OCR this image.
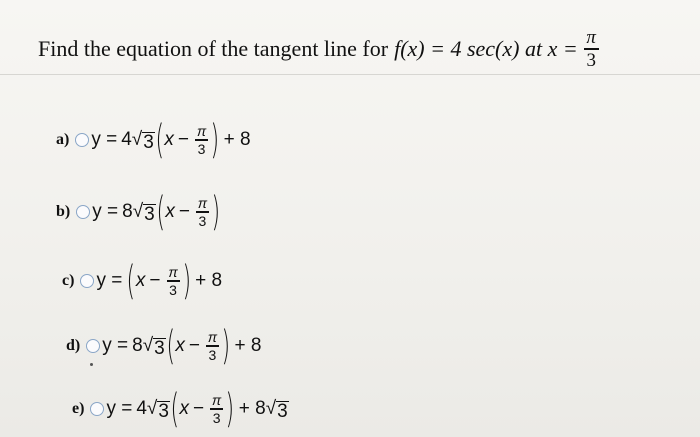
Find the equation of the tangent line for f(x) = 4 sec(x) at $x = \frac{\pi}{3}$
a) y = 4 √ 3 ( $x - \frac{\pi}{3}$ ) + 8
b) y = 8 √ 3 ( $x - \frac{\pi}{3}$ )
c) y = ( $x - \frac{\pi}{3}$ ) + 8
d) y = 8 √ 3 ( $x - \frac{\pi}{3}$ ) + 8
e) y = 4 √ 3 ( $x - \frac{\pi}{3}$ ) + 8 √ 3
